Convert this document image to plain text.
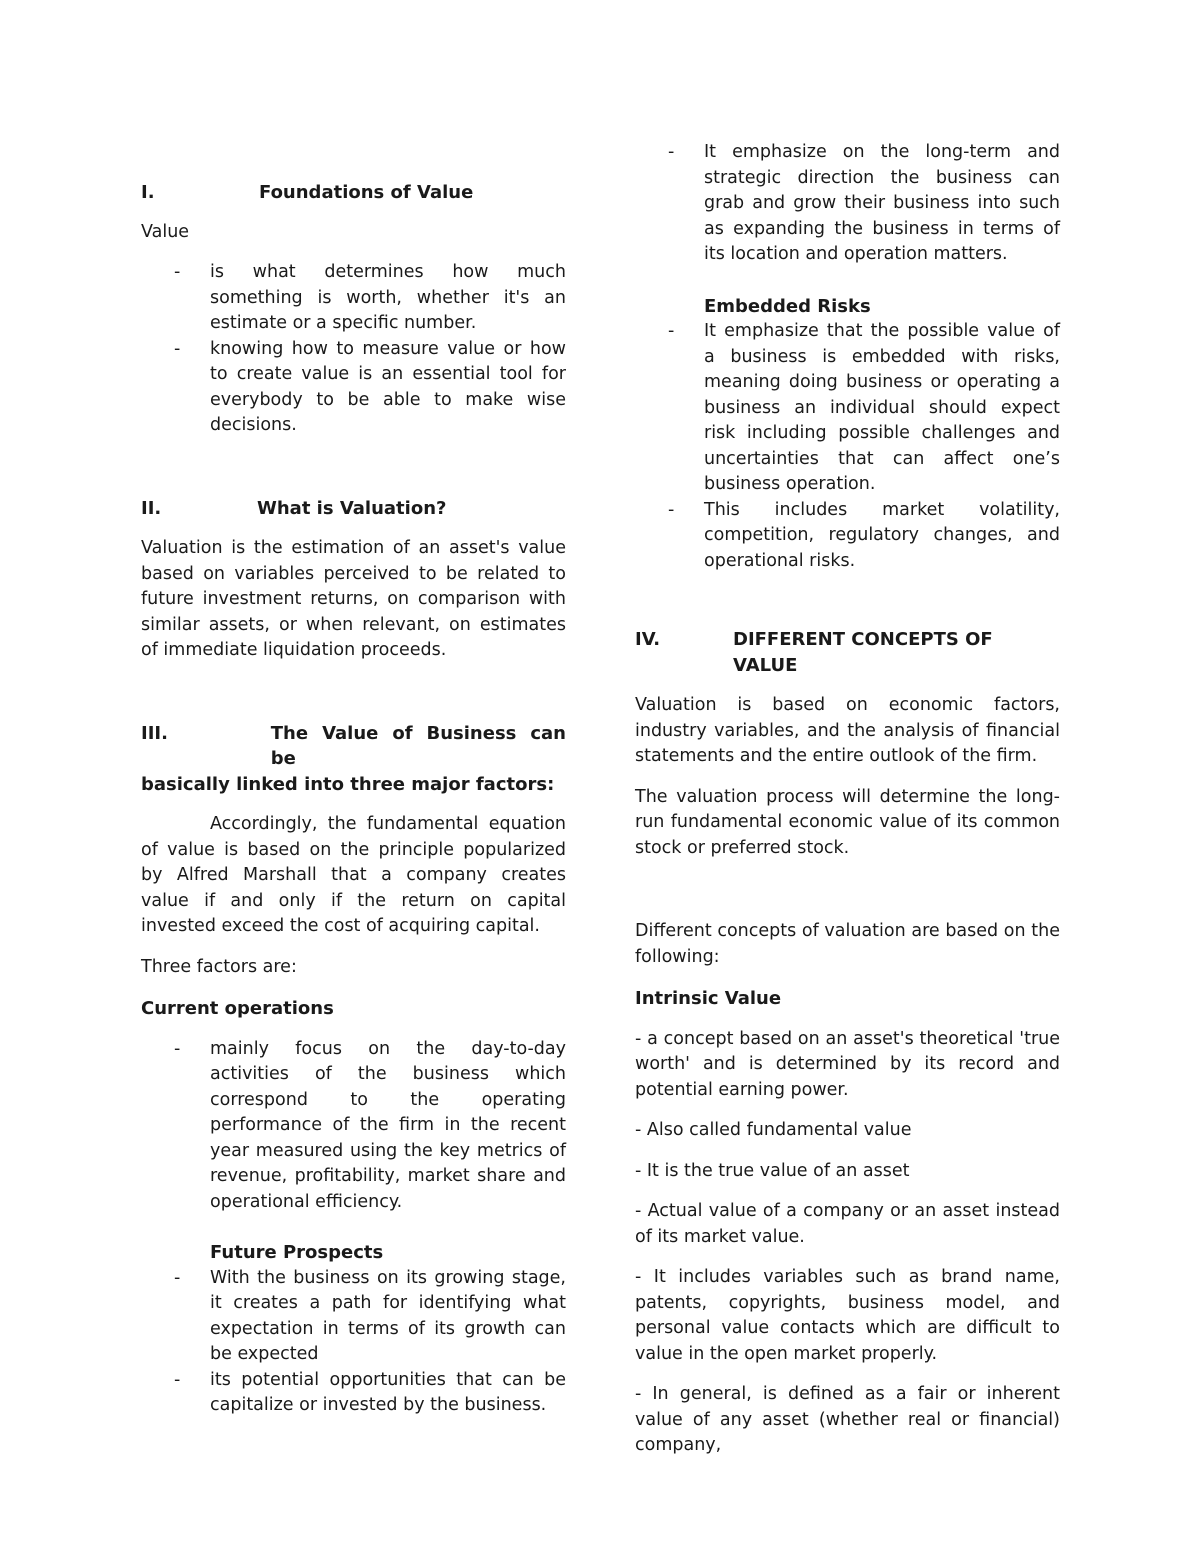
I.	Foundations of Value

Value

- is what determines how much something is worth, whether it's an estimate or a specific number.
- knowing how to measure value or how to create value is an essential tool for everybody to be able to make wise decisions.
II.	What is Valuation?

Valuation is the estimation of an asset's value based on variables perceived to be related to future investment returns, on comparison with similar assets, or when relevant, on estimates of immediate liquidation proceeds.

III.	The Value of Business can be
basically linked into three major factors:

Accordingly, the fundamental equation of value is based on the principle popularized by Alfred Marshall that a company creates value if and only if the return on capital invested exceed the cost of acquiring capital.

Three factors are:

Current operations

- mainly focus on the day-to-day activities of the business which correspond to the operating performance of the firm in the recent year measured using the key metrics of revenue, profitability, market share and operational efficiency.

Future Prospects

- With the business on its growing stage, it creates a path for identifying what expectation in terms of its growth can be expected
- its potential opportunities that can be capitalize or invested by the business.
- It emphasize on the long-term and strategic direction the business can grab and grow their business into such as expanding the business in terms of its location and operation matters.

Embedded Risks

- It emphasize that the possible value of a business is embedded with risks, meaning doing business or operating a business an individual should expect risk including possible challenges and uncertainties that can affect one’s business operation.
- This includes market volatility, competition, regulatory changes, and operational risks.
IV.	DIFFERENT CONCEPTS OF VALUE

Valuation is based on economic factors, industry variables, and the analysis of financial statements and the entire outlook of the firm.

The valuation process will determine the long-run fundamental economic value of its common stock or preferred stock.

Different concepts of valuation are based on the following:

Intrinsic Value

- a concept based on an asset's theoretical 'true worth' and is determined by its record and potential earning power.

- Also called fundamental value

- It is the true value of an asset

- Actual value of a company or an asset instead of its market value.

- It includes variables such as brand name, patents, copyrights, business model, and personal value contacts which are difficult to value in the open market properly.

- In general, is defined as a fair or inherent value of any asset (whether real or financial) company,
